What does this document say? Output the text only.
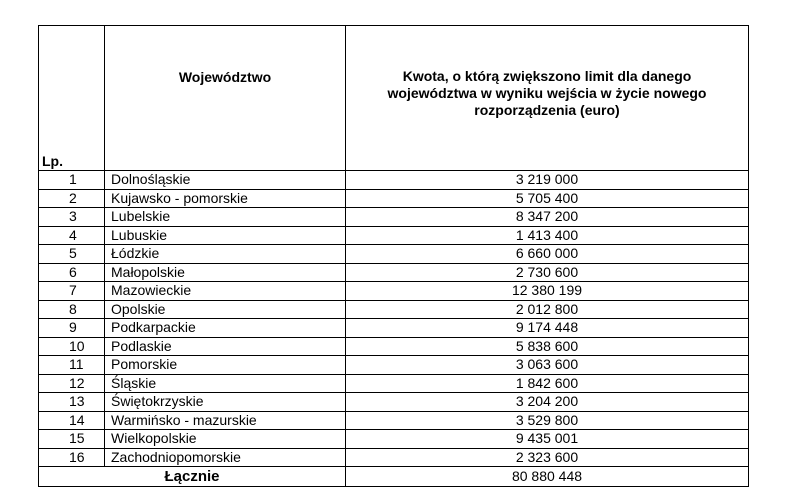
Lp.	Województwo	Kwota, o którą zwiększono limit dla danego województwa w wyniku wejścia w życie nowego rozporządzenia (euro)
1	Dolnośląskie	3 219 000
2	Kujawsko - pomorskie	5 705 400
3	Lubelskie	8 347 200
4	Lubuskie	1 413 400
5	Łódzkie	6 660 000
6	Małopolskie	2 730 600
7	Mazowieckie	12 380 199
8	Opolskie	2 012 800
9	Podkarpackie	9 174 448
10	Podlaskie	5 838 600
11	Pomorskie	3 063 600
12	Śląskie	1 842 600
13	Świętokrzyskie	3 204 200
14	Warmińsko - mazurskie	3 529 800
15	Wielkopolskie	9 435 001
16	Zachodniopomorskie	2 323 600
Łącznie		80 880 448
